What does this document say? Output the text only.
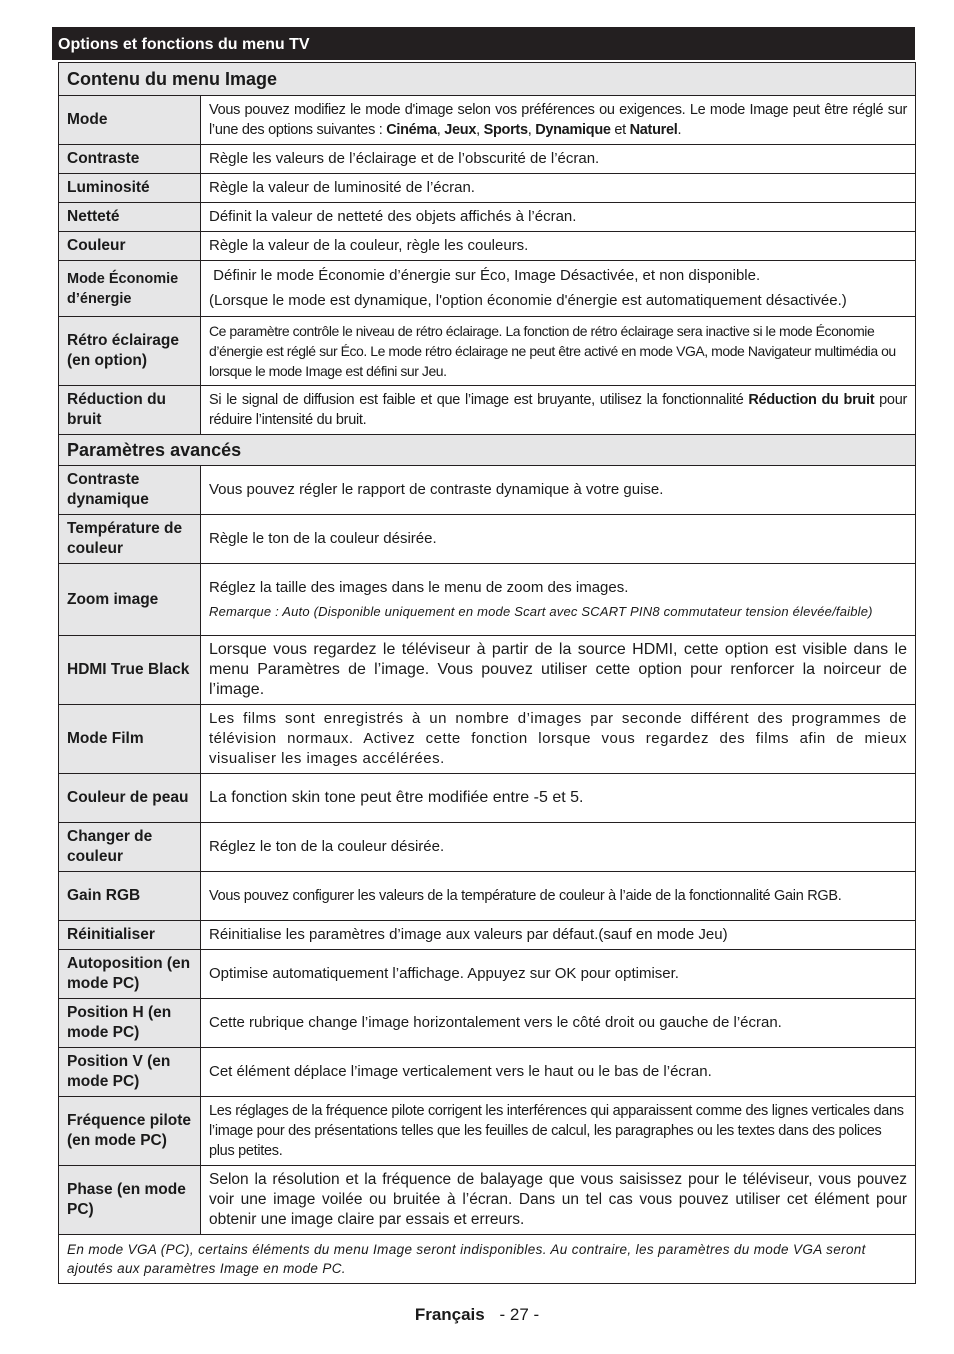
Options et fonctions du menu TV
Contenu du menu Image	
Mode	Vous pouvez modifiez le mode d'image selon vos préférences ou exigences. Le mode Image peut être réglé sur l’une des options suivantes : Cinéma, Jeux, Sports, Dynamique et Naturel.
Contraste	Règle les valeurs de l’éclairage et de l’obscurité de l’écran.
Luminosité	Règle la valeur de luminosité de l’écran.
Netteté	Définit la valeur de netteté des objets affichés à l’écran.
Couleur	Règle la valeur de la couleur, règle les couleurs.
Mode Économie d’énergie	Définir le mode Économie d’énergie sur Éco, Image Désactivée, et non disponible.
(Lorsque le mode est dynamique, l'option économie d'énergie est automatiquement désactivée.)

Rétro éclairage (en option)	Ce paramètre contrôle le niveau de rétro éclairage. La fonction de rétro éclairage sera inactive si le mode Économie d’énergie est réglé sur Éco. Le mode rétro éclairage ne peut être activé en mode VGA, mode Navigateur multimédia ou lorsque le mode Image est défini sur Jeu.
Réduction du bruit	Si le signal de diffusion est faible et que l’image est bruyante, utilisez la fonctionnalité Réduction du bruit pour réduire l’intensité du bruit.
Paramètres avancés	
Contraste dynamique	Vous pouvez régler le rapport de contraste dynamique à votre guise.
Température de couleur	Règle le ton de la couleur désirée.
Zoom image	Réglez la taille des images dans le menu de zoom des images.
Remarque : Auto (Disponible uniquement en mode Scart avec SCART PIN8 commutateur tension élevée/faible)

HDMI True Black	Lorsque vous regardez le téléviseur à partir de la source HDMI, cette option est visible dans le menu Paramètres de l’image. Vous pouvez utiliser cette option pour renforcer la noirceur de l’image.
Mode Film	Les films sont enregistrés à un nombre d’images par seconde différent des programmes de télévision normaux. Activez cette fonction lorsque vous regardez des films afin de mieux visualiser les images accélérées.
Couleur de peau	La fonction skin tone peut être modifiée entre -5 et 5.
Changer de couleur	Réglez le ton de la couleur désirée.
Gain RGB	Vous pouvez configurer les valeurs de la température de couleur à l’aide de la fonctionnalité Gain RGB.
Réinitialiser	Réinitialise les paramètres d’image aux valeurs par défaut.(sauf en mode Jeu)
Autoposition (en mode PC)	Optimise automatiquement l’affichage. Appuyez sur OK pour optimiser.
Position H (en mode PC)	Cette rubrique change l’image horizontalement vers le côté droit ou gauche de l’écran.
Position V (en mode PC)	Cet élément déplace l’image verticalement vers le haut ou le bas de l’écran.
Fréquence pilote (en mode PC)	Les réglages de la fréquence pilote corrigent les interférences qui apparaissent comme des lignes verticales dans l’image pour des présentations telles que les feuilles de calcul, les paragraphes ou les textes dans des polices plus petites.
Phase (en mode PC)	Selon la résolution et la fréquence de balayage que vous saisissez pour le téléviseur, vous pouvez voir une image voilée ou bruitée à l’écran. Dans un tel cas vous pouvez utiliser cet élément pour obtenir une image claire par essais et erreurs.
En mode VGA (PC), certains éléments du menu Image seront indisponibles. Au contraire, les paramètres du mode VGA seront ajoutés aux paramètres Image en mode PC.	
Français - 27 -
